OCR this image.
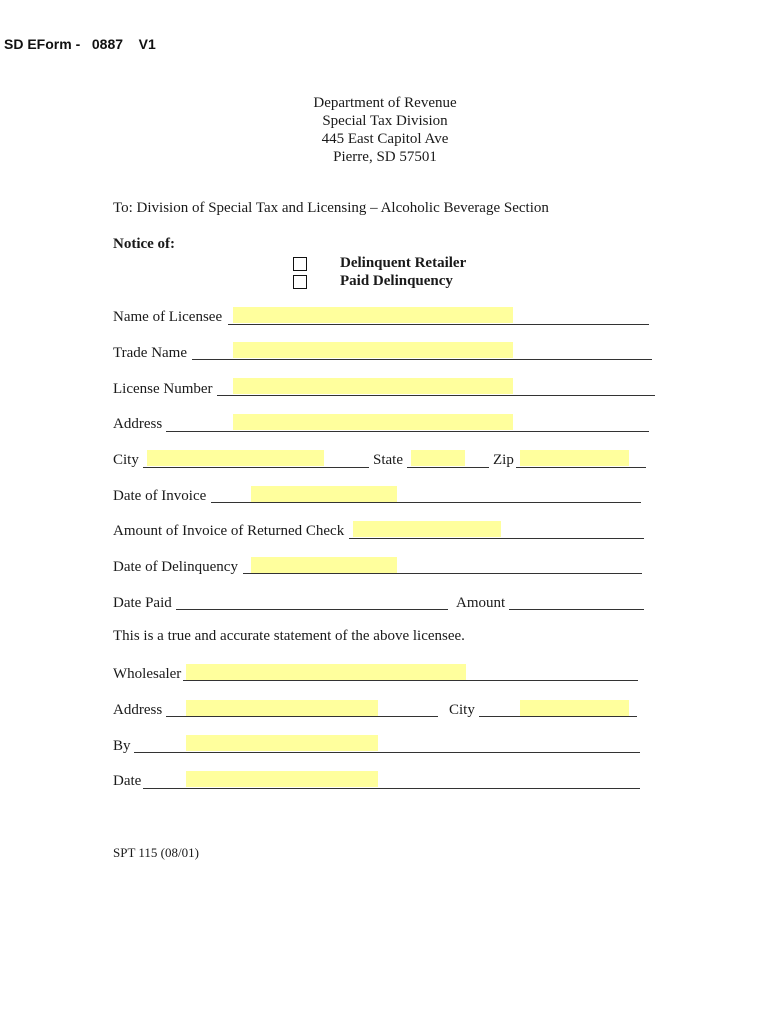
SD EForm -   0887    V1
Department of Revenue
Special Tax Division
445 East Capitol Ave
Pierre, SD 57501
To: Division of Special Tax and Licensing – Alcoholic Beverage Section
Notice of:
Delinquent Retailer
Paid Delinquency
Name of Licensee
Trade Name
License Number
Address
City	State	Zip
Date of Invoice
Amount of Invoice of Returned Check
Date of Delinquency
Date Paid	Amount
This is a true and accurate statement of the above licensee.
Wholesaler
Address	City
By
Date
SPT 115 (08/01)
